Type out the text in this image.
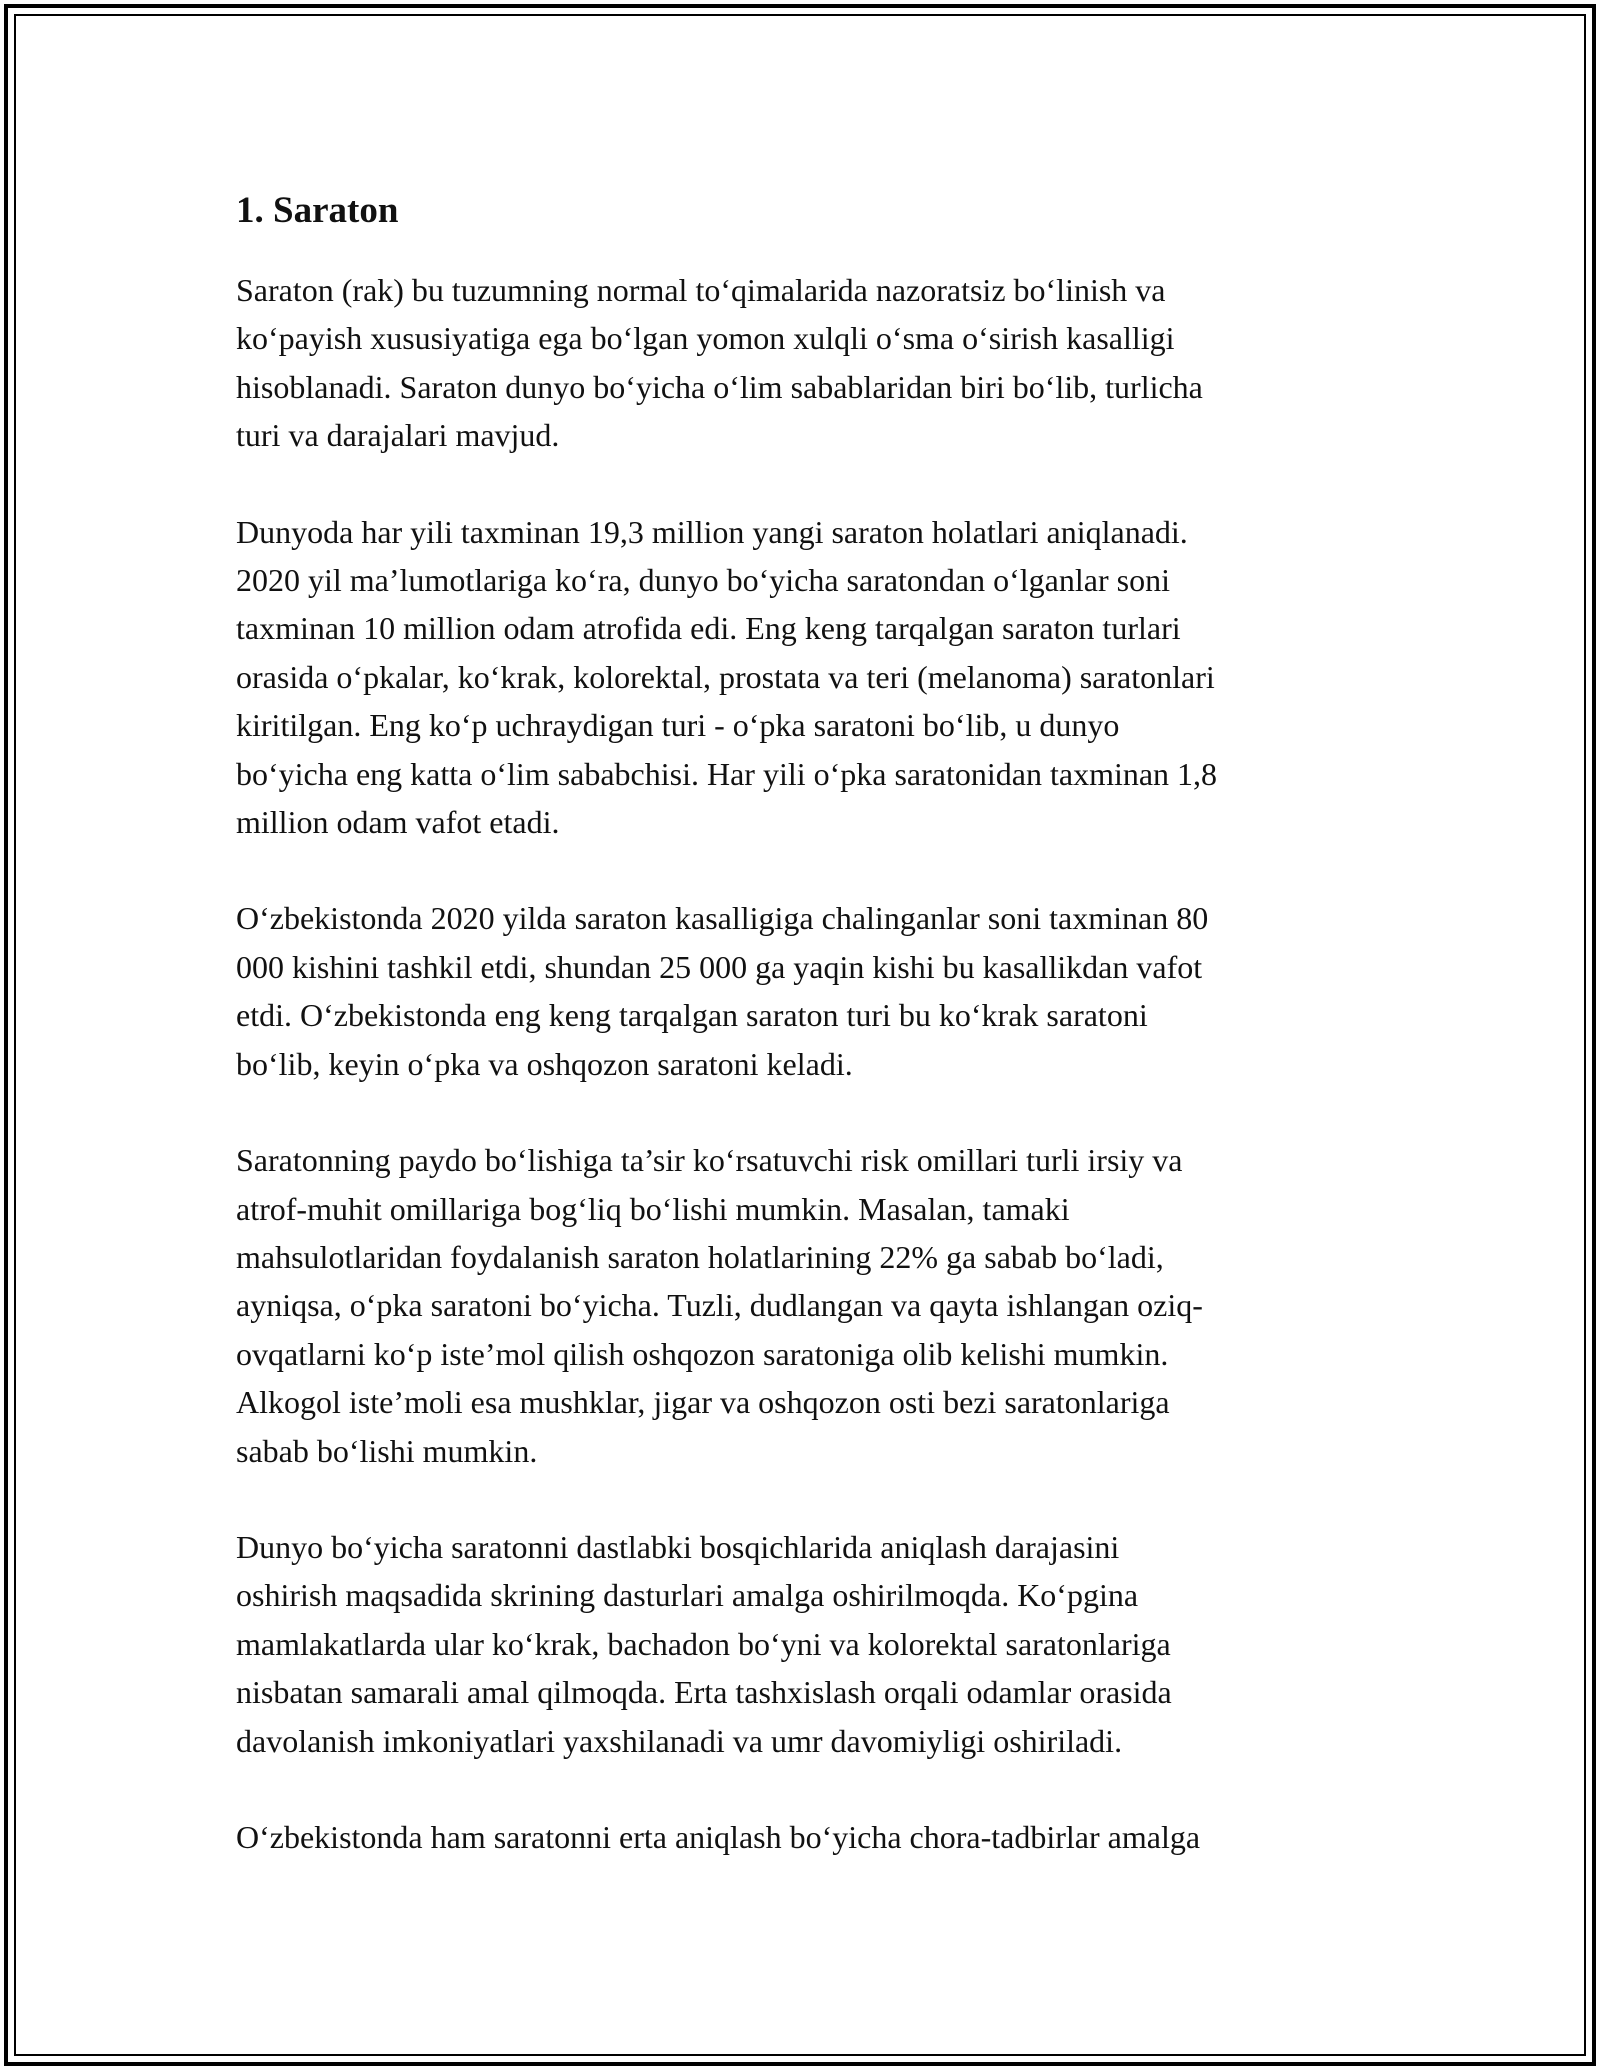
1. Saraton

Saraton (rak) bu tuzumning normal to‘qimalarida nazoratsiz bo‘linish va
ko‘payish xususiyatiga ega bo‘lgan yomon xulqli o‘sma o‘sirish kasalligi
hisoblanadi. Saraton dunyo bo‘yicha o‘lim sabablaridan biri bo‘lib, turlicha
turi va darajalari mavjud.

Dunyoda har yili taxminan 19,3 million yangi saraton holatlari aniqlanadi.
2020 yil ma’lumotlariga ko‘ra, dunyo bo‘yicha saratondan o‘lganlar soni
taxminan 10 million odam atrofida edi. Eng keng tarqalgan saraton turlari
orasida o‘pkalar, ko‘krak, kolorektal, prostata va teri (melanoma) saratonlari
kiritilgan. Eng ko‘p uchraydigan turi - o‘pka saratoni bo‘lib, u dunyo
bo‘yicha eng katta o‘lim sababchisi. Har yili o‘pka saratonidan taxminan 1,8
million odam vafot etadi.

O‘zbekistonda 2020 yilda saraton kasalligiga chalinganlar soni taxminan 80
000 kishini tashkil etdi, shundan 25 000 ga yaqin kishi bu kasallikdan vafot
etdi. O‘zbekistonda eng keng tarqalgan saraton turi bu ko‘krak saratoni
bo‘lib, keyin o‘pka va oshqozon saratoni keladi.

Saratonning paydo bo‘lishiga ta’sir ko‘rsatuvchi risk omillari turli irsiy va
atrof-muhit omillariga bog‘liq bo‘lishi mumkin. Masalan, tamaki
mahsulotlaridan foydalanish saraton holatlarining 22% ga sabab bo‘ladi,
ayniqsa, o‘pka saratoni bo‘yicha. Tuzli, dudlangan va qayta ishlangan oziq-
ovqatlarni ko‘p iste’mol qilish oshqozon saratoniga olib kelishi mumkin.
Alkogol iste’moli esa mushklar, jigar va oshqozon osti bezi saratonlariga
sabab bo‘lishi mumkin.

Dunyo bo‘yicha saratonni dastlabki bosqichlarida aniqlash darajasini
oshirish maqsadida skrining dasturlari amalga oshirilmoqda. Ko‘pgina
mamlakatlarda ular ko‘krak, bachadon bo‘yni va kolorektal saratonlariga
nisbatan samarali amal qilmoqda. Erta tashxislash orqali odamlar orasida
davolanish imkoniyatlari yaxshilanadi va umr davomiyligi oshiriladi.

O‘zbekistonda ham saratonni erta aniqlash bo‘yicha chora-tadbirlar amalga
